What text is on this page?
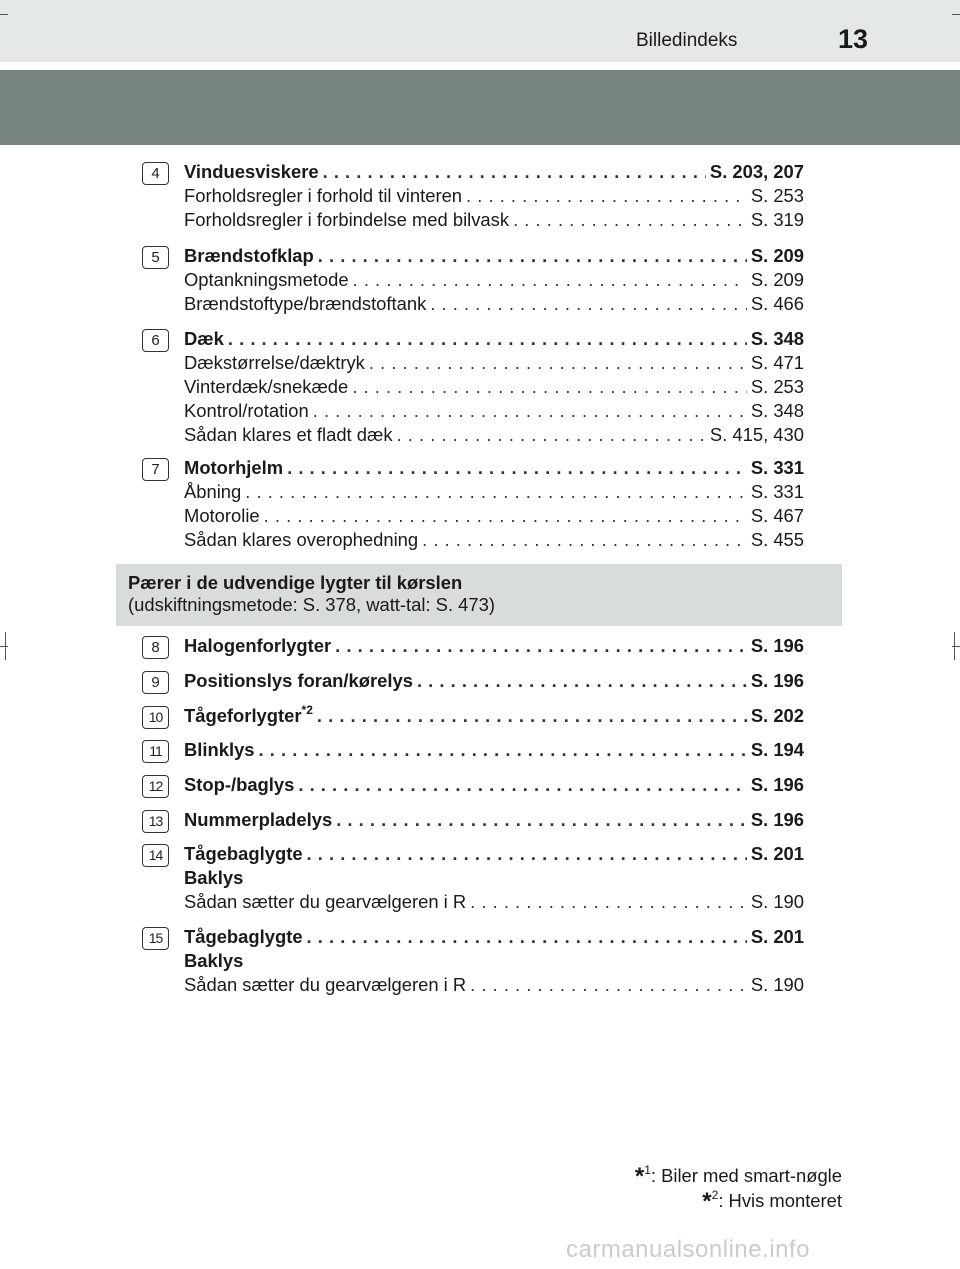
Billedindeks	13
4	Vinduesviskere . . .	S. 203, 207
Forholdsregler i forhold til vinteren . . .	S. 253
Forholdsregler i forbindelse med bilvask . . .	S. 319
5	Brændstofklap . . .	S. 209
Optankningsmetode . . .	S. 209
Brændstoftype/brændstoftank . . .	S. 466
6	Dæk . . .	S. 348
Dækstørrelse/dæktryk . . .	S. 471
Vinterdæk/snekæde . . .	S. 253
Kontrol/rotation . . .	S. 348
Sådan klares et fladt dæk . . .	S. 415, 430
7	Motorhjelm . . .	S. 331
Åbning . . .	S. 331
Motorolie . . .	S. 467
Sådan klares overophedning . . .	S. 455
Pærer i de udvendige lygter til kørslen
(udskiftningsmetode: S. 378, watt-tal: S. 473)
8	Halogenforlygter . . .	S. 196
9	Positionslys foran/kørelys . . .	S. 196
10	Tågeforlygter$^{*2}$ . . .	S. 202
11	Blinklys . . .	S. 194
12	Stop-/baglys . . .	S. 196
13	Nummerpladelys . . .	S. 196
14	Tågebaglygte . . .	S. 201
Baklys
Sådan sætter du gearvælgeren i R . . .	S. 190
15	Tågebaglygte . . .	S. 201
Baklys
Sådan sætter du gearvælgeren i R . . .	S. 190
*$^1$: Biler med smart-nøgle
*$^2$: Hvis monteret
carmanualsonline.info
